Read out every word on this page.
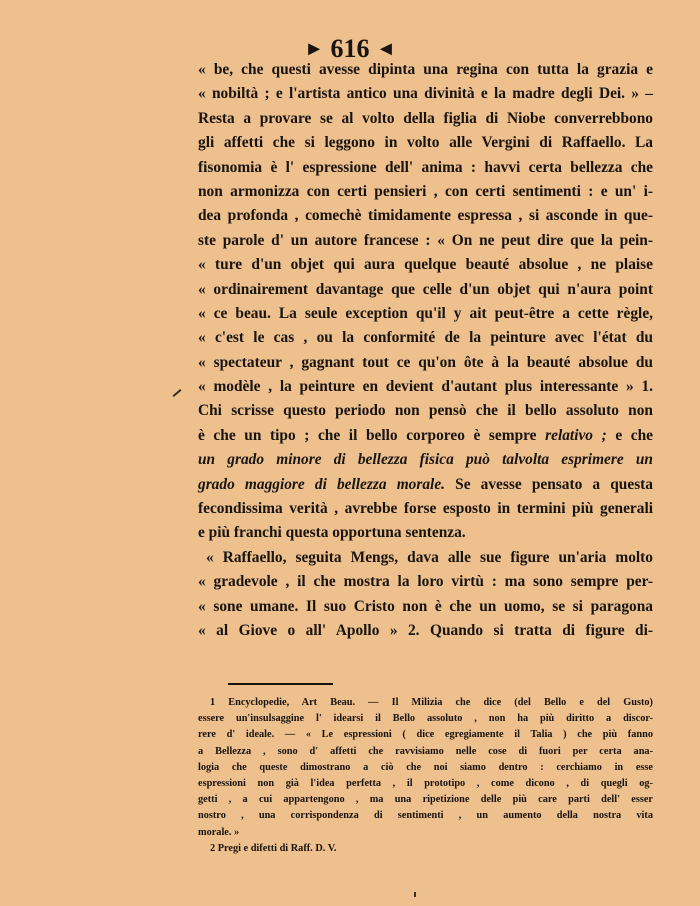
► 616 ◄
« be, che questi avesse dipinta una regina con tutta la grazia e
« nobiltà ; e l'artista antico una divinità e la madre degli Dei. » –
Resta a provare se al volto della figlia di Niobe converrebbono
gli affetti che si leggono in volto alle Vergini di Raffaello. La
fisonomia è l' espressione dell' anima : havvi certa bellezza che
non armonizza con certi pensieri , con certi sentimenti : e un' i-
dea profonda , comechè timidamente espressa , si asconde in que-
ste parole d' un autore francese : « On ne peut dire que la pein-
« ture d'un objet qui aura quelque beauté absolue , ne plaise
« ordinairement davantage que celle d'un objet qui n'aura point
« ce beau. La seule exception qu'il y ait peut-être a cette règle,
« c'est le cas , ou la conformité de la peinture avec l'état du
« spectateur , gagnant tout ce qu'on ôte à la beauté absolue du
« modèle , la peinture en devient d'autant plus interessante » 1.
Chi scrisse questo periodo non pensò che il bello assoluto non
è che un tipo ; che il bello corporeo è sempre relativo ; e che
un grado minore di bellezza fisica può talvolta esprimere un
grado maggiore di bellezza morale. Se avesse pensato a questa
fecondissima verità , avrebbe forse esposto in termini più generali
e più franchi questa opportuna sentenza.
« Raffaello, seguita Mengs, dava alle sue figure un'aria molto
« gradevole , il che mostra la loro virtù : ma sono sempre per-
« sone umane. Il suo Cristo non è che un uomo, se si paragona
« al Giove o all' Apollo » 2. Quando si tratta di figure di-
1 Encyclopedie, Art Beau. — Il Milizia che dice (del Bello e del Gusto)
essere un'insulsaggine l' idearsi il Bello assoluto , non ha più diritto a discor-
rere d' ideale. — « Le espressioni ( dice egregiamente il Talia ) che più fanno
a Bellezza , sono d' affetti che ravvisiamo nelle cose di fuori per certa ana-
logia che queste dimostrano a ciò che noi siamo dentro : cerchiamo in esse
espressioni non già l'idea perfetta , il prototipo , come dicono , di quegli og-
getti , a cui appartengono , ma una ripetizione delle più care parti dell' esser
nostro , una corrispondenza di sentimenti , un aumento della nostra vita
morale. »
2 Pregi e difetti di Raff. D. V.
